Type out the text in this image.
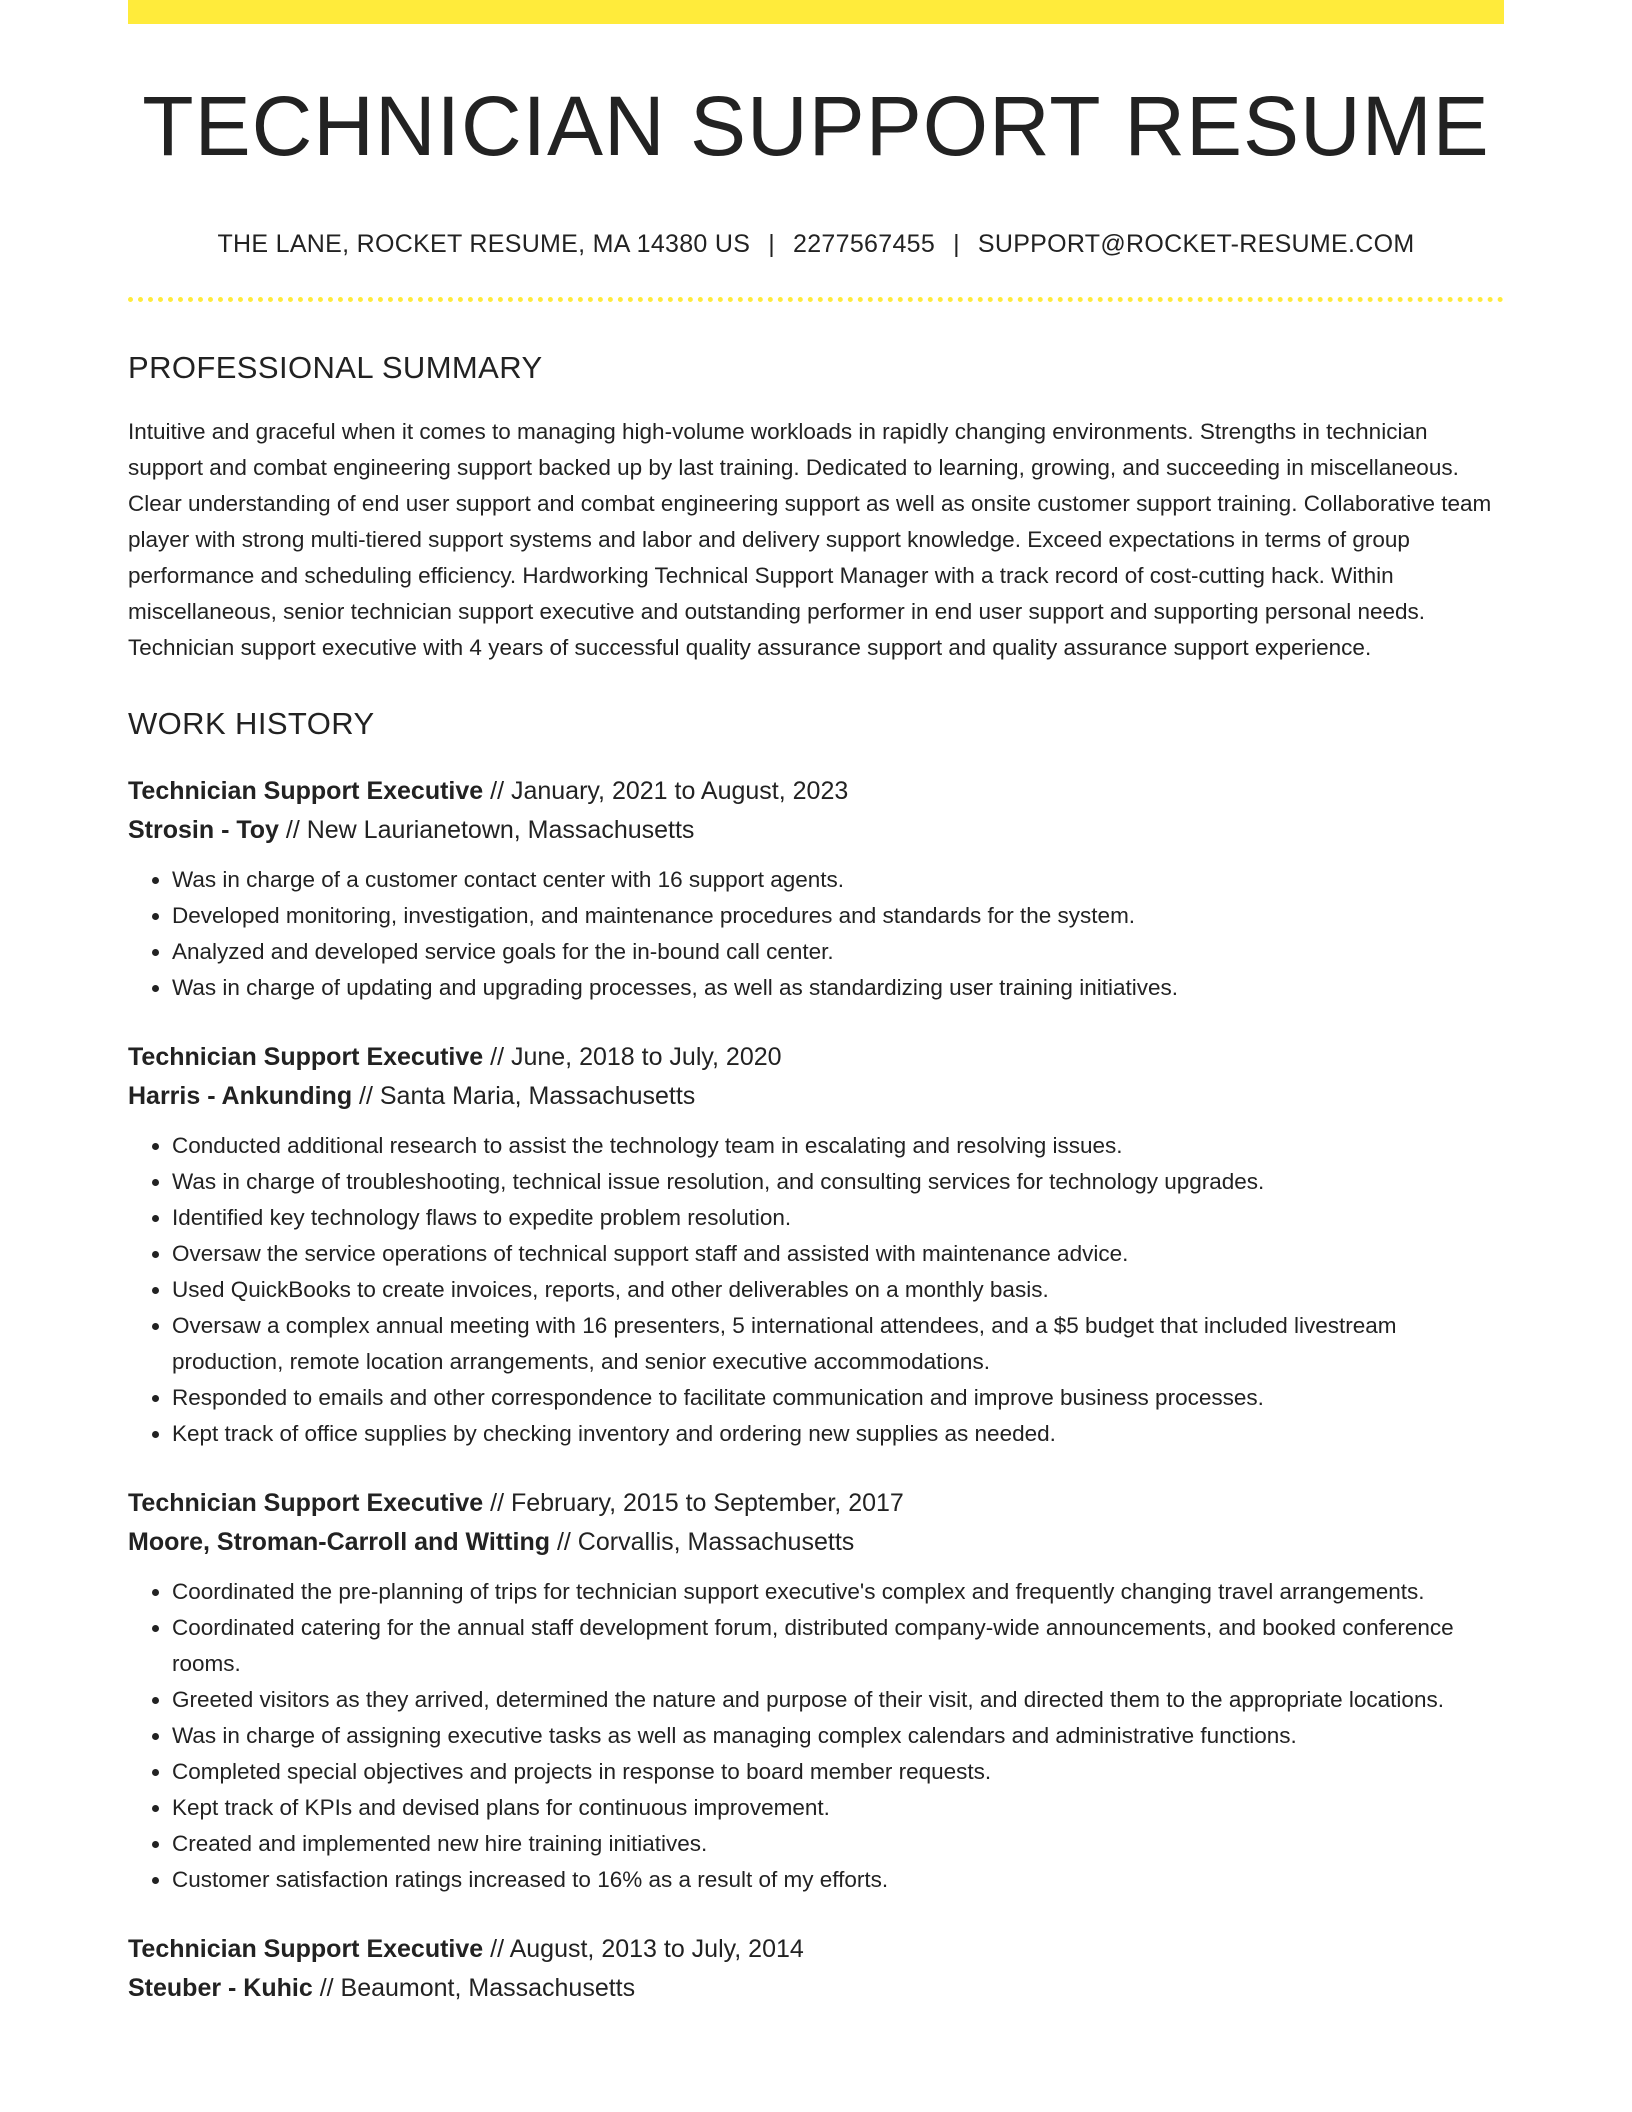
TECHNICIAN SUPPORT RESUME
THE LANE, ROCKET RESUME, MA 14380 US | 2277567455 | SUPPORT@ROCKET-RESUME.COM
PROFESSIONAL SUMMARY

Intuitive and graceful when it comes to managing high-volume workloads in rapidly changing environments. Strengths in technician support and combat engineering support backed up by last training. Dedicated to learning, growing, and succeeding in miscellaneous. Clear understanding of end user support and combat engineering support as well as onsite customer support training. Collaborative team player with strong multi-tiered support systems and labor and delivery support knowledge. Exceed expectations in terms of group performance and scheduling efficiency. Hardworking Technical Support Manager with a track record of cost-cutting hack. Within miscellaneous, senior technician support executive and outstanding performer in end user support and supporting personal needs. Technician support executive with 4 years of successful quality assurance support and quality assurance support experience.

WORK HISTORY
Technician Support Executive // January, 2021 to August, 2023
Strosin - Toy // New Laurianetown, Massachusetts
• Was in charge of a customer contact center with 16 support agents.
• Developed monitoring, investigation, and maintenance procedures and standards for the system.
• Analyzed and developed service goals for the in-bound call center.
• Was in charge of updating and upgrading processes, as well as standardizing user training initiatives.
Technician Support Executive // June, 2018 to July, 2020
Harris - Ankunding // Santa Maria, Massachusetts
• Conducted additional research to assist the technology team in escalating and resolving issues.
• Was in charge of troubleshooting, technical issue resolution, and consulting services for technology upgrades.
• Identified key technology flaws to expedite problem resolution.
• Oversaw the service operations of technical support staff and assisted with maintenance advice.
• Used QuickBooks to create invoices, reports, and other deliverables on a monthly basis.
• Oversaw a complex annual meeting with 16 presenters, 5 international attendees, and a $5 budget that included livestream production, remote location arrangements, and senior executive accommodations.
• Responded to emails and other correspondence to facilitate communication and improve business processes.
• Kept track of office supplies by checking inventory and ordering new supplies as needed.
Technician Support Executive // February, 2015 to September, 2017
Moore, Stroman-Carroll and Witting // Corvallis, Massachusetts
• Coordinated the pre-planning of trips for technician support executive's complex and frequently changing travel arrangements.
• Coordinated catering for the annual staff development forum, distributed company-wide announcements, and booked conference rooms.
• Greeted visitors as they arrived, determined the nature and purpose of their visit, and directed them to the appropriate locations.
• Was in charge of assigning executive tasks as well as managing complex calendars and administrative functions.
• Completed special objectives and projects in response to board member requests.
• Kept track of KPIs and devised plans for continuous improvement.
• Created and implemented new hire training initiatives.
• Customer satisfaction ratings increased to 16% as a result of my efforts.
Technician Support Executive // August, 2013 to July, 2014
Steuber - Kuhic // Beaumont, Massachusetts
